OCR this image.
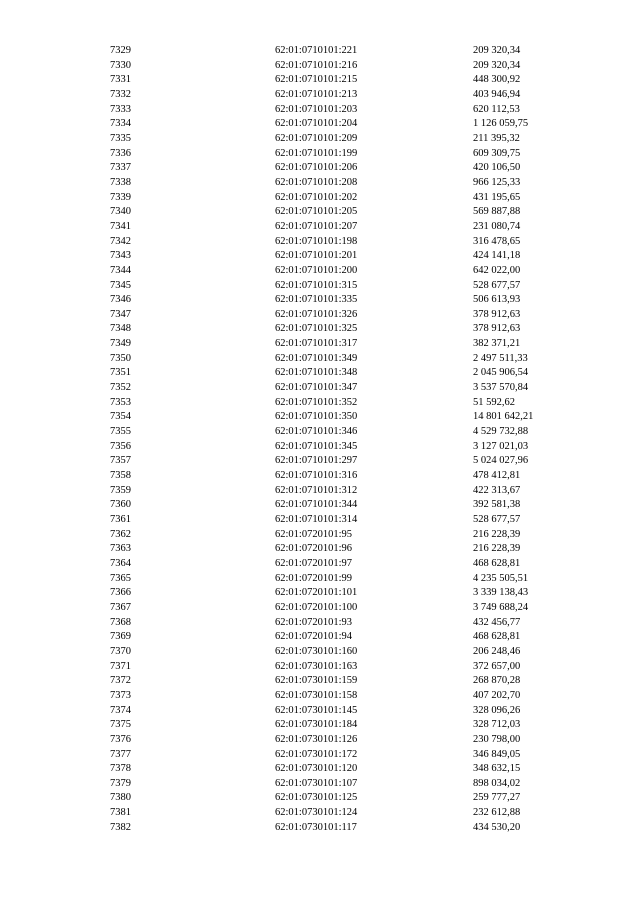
7329	62:01:0710101:221	209 320,34
7330	62:01:0710101:216	209 320,34
7331	62:01:0710101:215	448 300,92
7332	62:01:0710101:213	403 946,94
7333	62:01:0710101:203	620 112,53
7334	62:01:0710101:204	1 126 059,75
7335	62:01:0710101:209	211 395,32
7336	62:01:0710101:199	609 309,75
7337	62:01:0710101:206	420 106,50
7338	62:01:0710101:208	966 125,33
7339	62:01:0710101:202	431 195,65
7340	62:01:0710101:205	569 887,88
7341	62:01:0710101:207	231 080,74
7342	62:01:0710101:198	316 478,65
7343	62:01:0710101:201	424 141,18
7344	62:01:0710101:200	642 022,00
7345	62:01:0710101:315	528 677,57
7346	62:01:0710101:335	506 613,93
7347	62:01:0710101:326	378 912,63
7348	62:01:0710101:325	378 912,63
7349	62:01:0710101:317	382 371,21
7350	62:01:0710101:349	2 497 511,33
7351	62:01:0710101:348	2 045 906,54
7352	62:01:0710101:347	3 537 570,84
7353	62:01:0710101:352	51 592,62
7354	62:01:0710101:350	14 801 642,21
7355	62:01:0710101:346	4 529 732,88
7356	62:01:0710101:345	3 127 021,03
7357	62:01:0710101:297	5 024 027,96
7358	62:01:0710101:316	478 412,81
7359	62:01:0710101:312	422 313,67
7360	62:01:0710101:344	392 581,38
7361	62:01:0710101:314	528 677,57
7362	62:01:0720101:95	216 228,39
7363	62:01:0720101:96	216 228,39
7364	62:01:0720101:97	468 628,81
7365	62:01:0720101:99	4 235 505,51
7366	62:01:0720101:101	3 339 138,43
7367	62:01:0720101:100	3 749 688,24
7368	62:01:0720101:93	432 456,77
7369	62:01:0720101:94	468 628,81
7370	62:01:0730101:160	206 248,46
7371	62:01:0730101:163	372 657,00
7372	62:01:0730101:159	268 870,28
7373	62:01:0730101:158	407 202,70
7374	62:01:0730101:145	328 096,26
7375	62:01:0730101:184	328 712,03
7376	62:01:0730101:126	230 798,00
7377	62:01:0730101:172	346 849,05
7378	62:01:0730101:120	348 632,15
7379	62:01:0730101:107	898 034,02
7380	62:01:0730101:125	259 777,27
7381	62:01:0730101:124	232 612,88
7382	62:01:0730101:117	434 530,20
